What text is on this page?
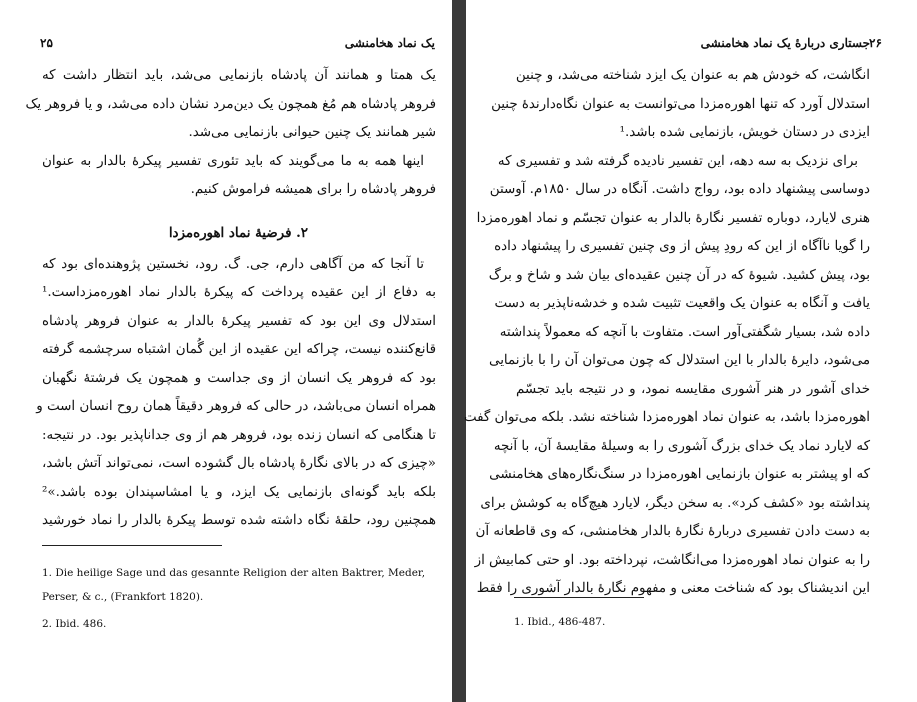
یک نماد هخامنشی
۲۵
یک همتا و همانند آن پادشاه بازنمایی می‌شد، باید انتظار داشت که
فروهر پادشاه هم مُغ همچون یک دین‌مرد نشان داده می‌شد، و یا فروهر یک
شیر همانند یک چنین حیوانی بازنمایی می‌شد.
اینها همه به ما می‌گویند که باید تئوری تفسیر پیکرهٔ بالدار به عنوان
فروهر پادشاه را برای همیشه فراموش کنیم.
۲. فرضیهٔ نماد اهوره‌مزدا
تا آنجا که من آگاهی دارم، جی. گ. رود، نخستین پژوهنده‌ای بود که
به دفاع از این عقیده پرداخت که پیکرهٔ بالدار نماد اهوره‌مزداست.¹
استدلال وی این بود که تفسیر پیکرهٔ بالدار به عنوان فروهر پادشاه
قانع‌کننده نیست، چراکه این عقیده از این گُمان اشتباه سرچشمه گرفته
بود که فروهر یک انسان از وی جداست و همچون یک فرشتهٔ نگهبان
همراه انسان می‌باشد، در حالی که فروهر دقیقاً همان روح انسان است و
تا هنگامی که انسان زنده بود، فروهر هم از وی جدانا‌پذیر بود. در نتیجه:
«چیزی که در بالای نگارهٔ پادشاه بال گشوده است، نمی‌تواند آتش باشد،
بلکه باید گونه‌ای بازنمایی یک ایزد، و یا امشاسپندان بوده باشد.»²
همچنین رود، حلقهٔ نگاه داشته شده توسط پیکرهٔ بالدار را نماد خورشید
1. Die heilige Sage und das gesannte Religion der alten Baktrer, Meder,
Perser, & c., (Frankfort 1820).
2. Ibid. 486.
جستاری دربارهٔ یک نماد هخامنشی ۲۶
انگاشت، که خودش هم به عنوان یک ایزد شناخته می‌شد، و چنین
استدلال آورد که تنها اهوره‌مزدا می‌توانست به عنوان نگاه‌دارندهٔ چنین
ایزدی در دستان خویش، بازنمایی شده باشد.¹
برای نزدیک به سه دهه، این تفسیر نادیده گرفته شد و تفسیری که
دوساسی پیشنهاد داده بود، رواج داشت. آنگاه در سال ۱۸۵۰م. آوستن
هنری لایارد، دوباره تفسیر نگارهٔ بالدار به عنوان تجسّم و نماد اهوره‌مزدا
را گویا ناآگاه از این که رودِ پیش از وی چنین تفسیری را پیشنهاد داده
بود، پیش کشید. شیوهٔ که در آن چنین عقیده‌ای بیان شد و شاخ و برگ
یافت و آنگاه به عنوان یک واقعیت تثبیت شده و خدشه‌ناپذیر به دست
داده شد، بسیار شگفتی‌آور است. متفاوت با آنچه که معمولاً پنداشته
می‌شود، دایرهٔ بالدار با این استدلال که چون می‌توان آن را با بازنمایی
خدای آشور در هنر آشوری مقایسه نمود، و در نتیجه باید تجسّم
اهوره‌مزدا باشد، به عنوان نماد اهوره‌مزدا شناخته نشد. بلکه می‌توان گفت
که لایارد نماد یک خدای بزرگ آشوری را به وسیلهٔ مقایسهٔ آن، با آنچه
که او پیشتر به عنوان بازنمایی اهوره‌مزدا در سنگ‌نگاره‌های هخامنشی
پنداشته بود «کشف کرد». به سخن دیگر، لایارد هیچ‌گاه به کوشش برای
به دست دادن تفسیری دربارهٔ نگارهٔ بالدار هخامنشی، که وی قاطعانه آن
را به عنوان نماد اهوره‌مزدا می‌انگاشت، نپرداخته بود. او حتی کمابیش از
این اندیشناک بود که شناخت معنی و مفهوم نگارهٔ بالدار آشوری را فقط
1. Ibid., 486-487.
